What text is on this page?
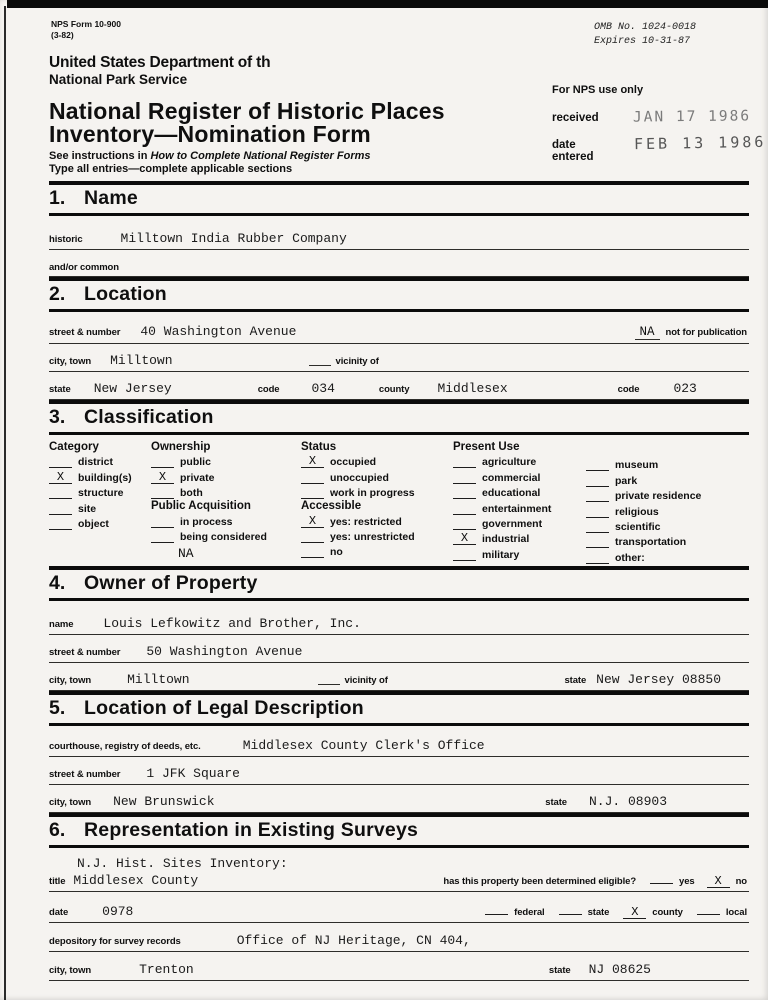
NPS Form 10-900
(3-82)
OMB No. 1024-0018
Expires 10-31-87
United States Department of th
National Park Service
For NPS use only
received JAN 17 1986
date entered
FEB 13 1986
National Register of Historic Places
Inventory—Nomination Form
See instructions in How to Complete National Register Forms
Type all entries—complete applicable sections
1. Name
historic	Milltown India Rubber Company
and/or common
2. Location
street & number 40 Washington Avenue	NA	not for publication
city, town Milltown	vicinity of
state New Jersey	code 034	county Middlesex	code	023
3. Classification
Category
district
X	building(s)
structure
site
object
Ownership
public
X	private
both
Public Acquisition
in process
being considered
NA
Status
X	occupied
unoccupied
work in progress
Accessible
X	yes: restricted
yes: unrestricted
no
Present Use
agriculture
commercial
educational
entertainment
government
X	industrial
military
museum
park
private residence
religious
scientific
transportation
other:
4. Owner of Property
name Louis Lefkowitz and Brother, Inc.
street & number 50 Washington Avenue
city, town	Milltown	vicinity of	state New Jersey 08850
5. Location of Legal Description
courthouse, registry of deeds, etc.	Middlesex County Clerk's Office
street & number 1 JFK Square
city, town New Brunswick	state N.J. 08903
6. Representation in Existing Surveys
N.J. Hist. Sites Inventory:
title Middlesex County	has this property been determined eligible?	yes	X	no
date	0978	federal	state	X	county	local
depository for survey records	Office of NJ Heritage, CN 404,
city, town	Trenton	state NJ 08625
